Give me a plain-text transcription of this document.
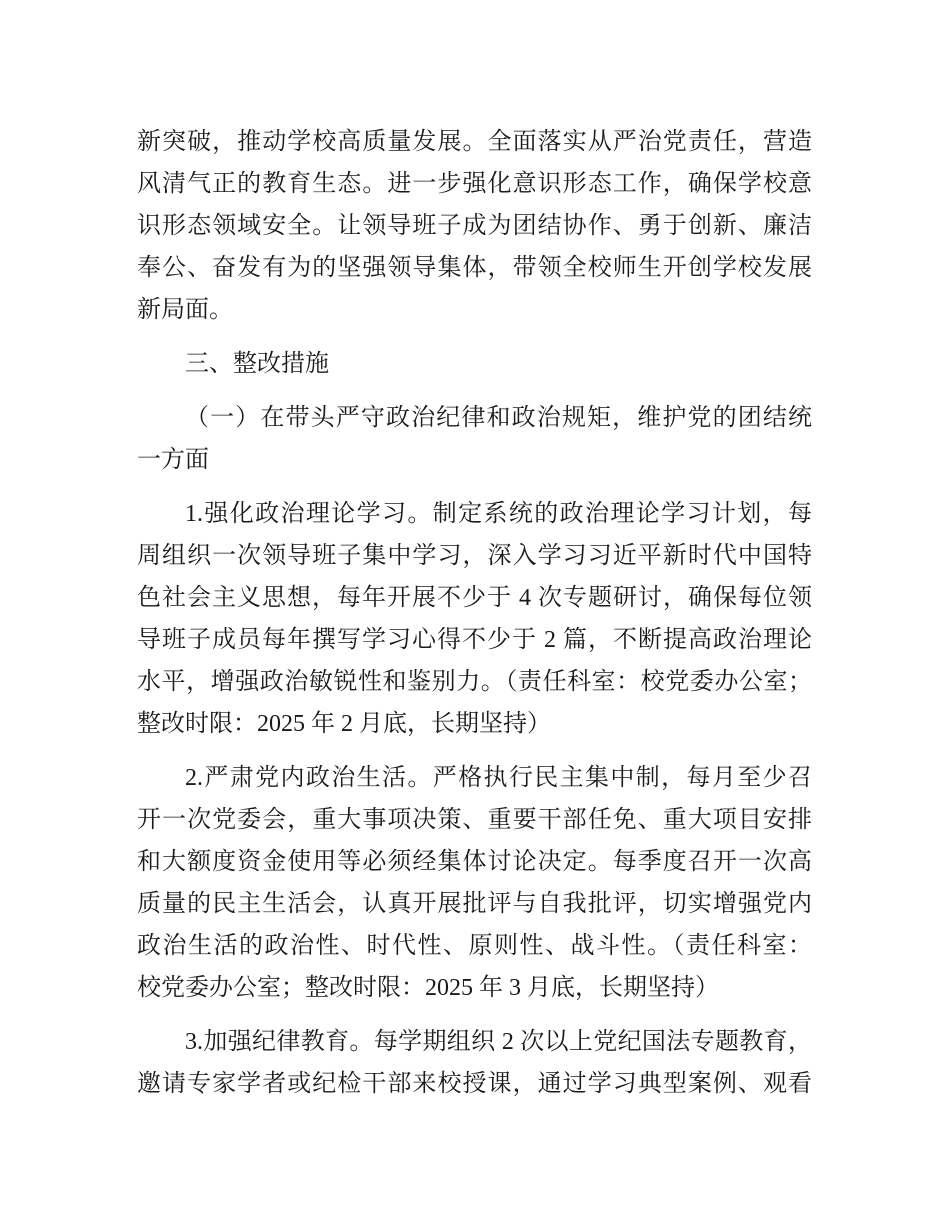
新突破，推动学校高质量发展。全面落实从严治党责任，营造
风清气正的教育生态。进一步强化意识形态工作，确保学校意
识形态领域安全。让领导班子成为团结协作、勇于创新、廉洁
奉公、奋发有为的坚强领导集体，带领全校师生开创学校发展
新局面。
三、整改措施
（一）在带头严守政治纪律和政治规矩，维护党的团结统
一方面
1.强化政治理论学习。制定系统的政治理论学习计划，每
周组织一次领导班子集中学习，深入学习习近平新时代中国特
色社会主义思想，每年开展不少于 4 次专题研讨，确保每位领
导班子成员每年撰写学习心得不少于 2 篇，不断提高政治理论
水平，增强政治敏锐性和鉴别力。（责任科室：校党委办公室；
整改时限：2025 年 2 月底，长期坚持）
2.严肃党内政治生活。严格执行民主集中制，每月至少召
开一次党委会，重大事项决策、重要干部任免、重大项目安排
和大额度资金使用等必须经集体讨论决定。每季度召开一次高
质量的民主生活会，认真开展批评与自我批评，切实增强党内
政治生活的政治性、时代性、原则性、战斗性。（责任科室：
校党委办公室；整改时限：2025 年 3 月底，长期坚持）
3.加强纪律教育。每学期组织 2 次以上党纪国法专题教育，
邀请专家学者或纪检干部来校授课，通过学习典型案例、观看
